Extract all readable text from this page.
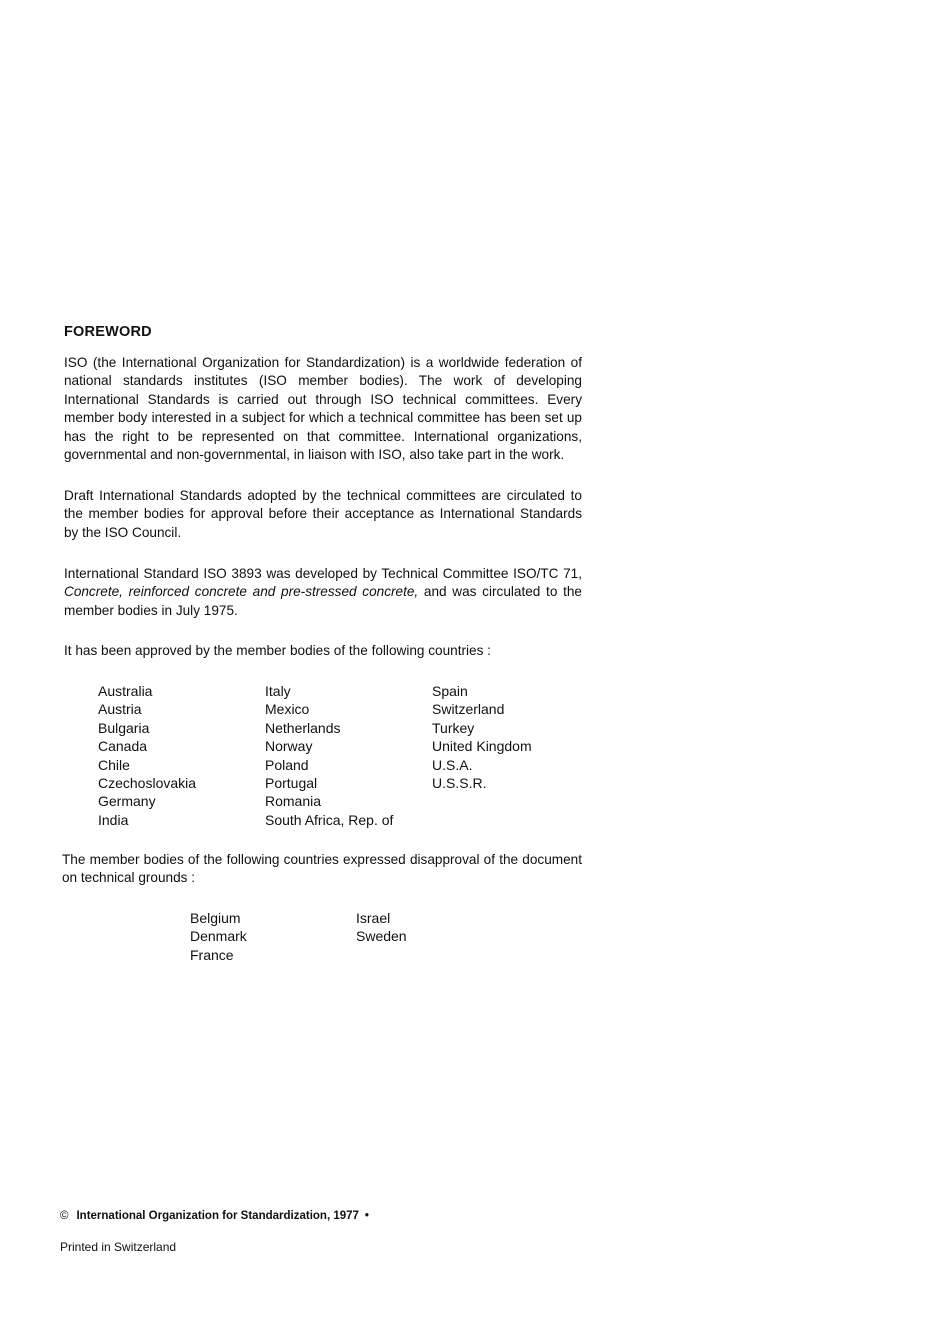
FOREWORD
ISO (the International Organization for Standardization) is a worldwide federation of national standards institutes (ISO member bodies). The work of developing International Standards is carried out through ISO technical committees. Every member body interested in a subject for which a technical committee has been set up has the right to be represented on that committee. International organizations, governmental and non-governmental, in liaison with ISO, also take part in the work.
Draft International Standards adopted by the technical committees are circulated to the member bodies for approval before their acceptance as International Standards by the ISO Council.
International Standard ISO 3893 was developed by Technical Committee ISO/TC 71, Concrete, reinforced concrete and pre-stressed concrete, and was circulated to the member bodies in July 1975.
It has been approved by the member bodies of the following countries :
Australia
Austria
Bulgaria
Canada
Chile
Czechoslovakia
Germany
India
Italy
Mexico
Netherlands
Norway
Poland
Portugal
Romania
South Africa, Rep. of
Spain
Switzerland
Turkey
United Kingdom
U.S.A.
U.S.S.R.
The member bodies of the following countries expressed disapproval of the document on technical grounds :
Belgium
Denmark
France
Israel
Sweden
© International Organization for Standardization, 1977 •
Printed in Switzerland
